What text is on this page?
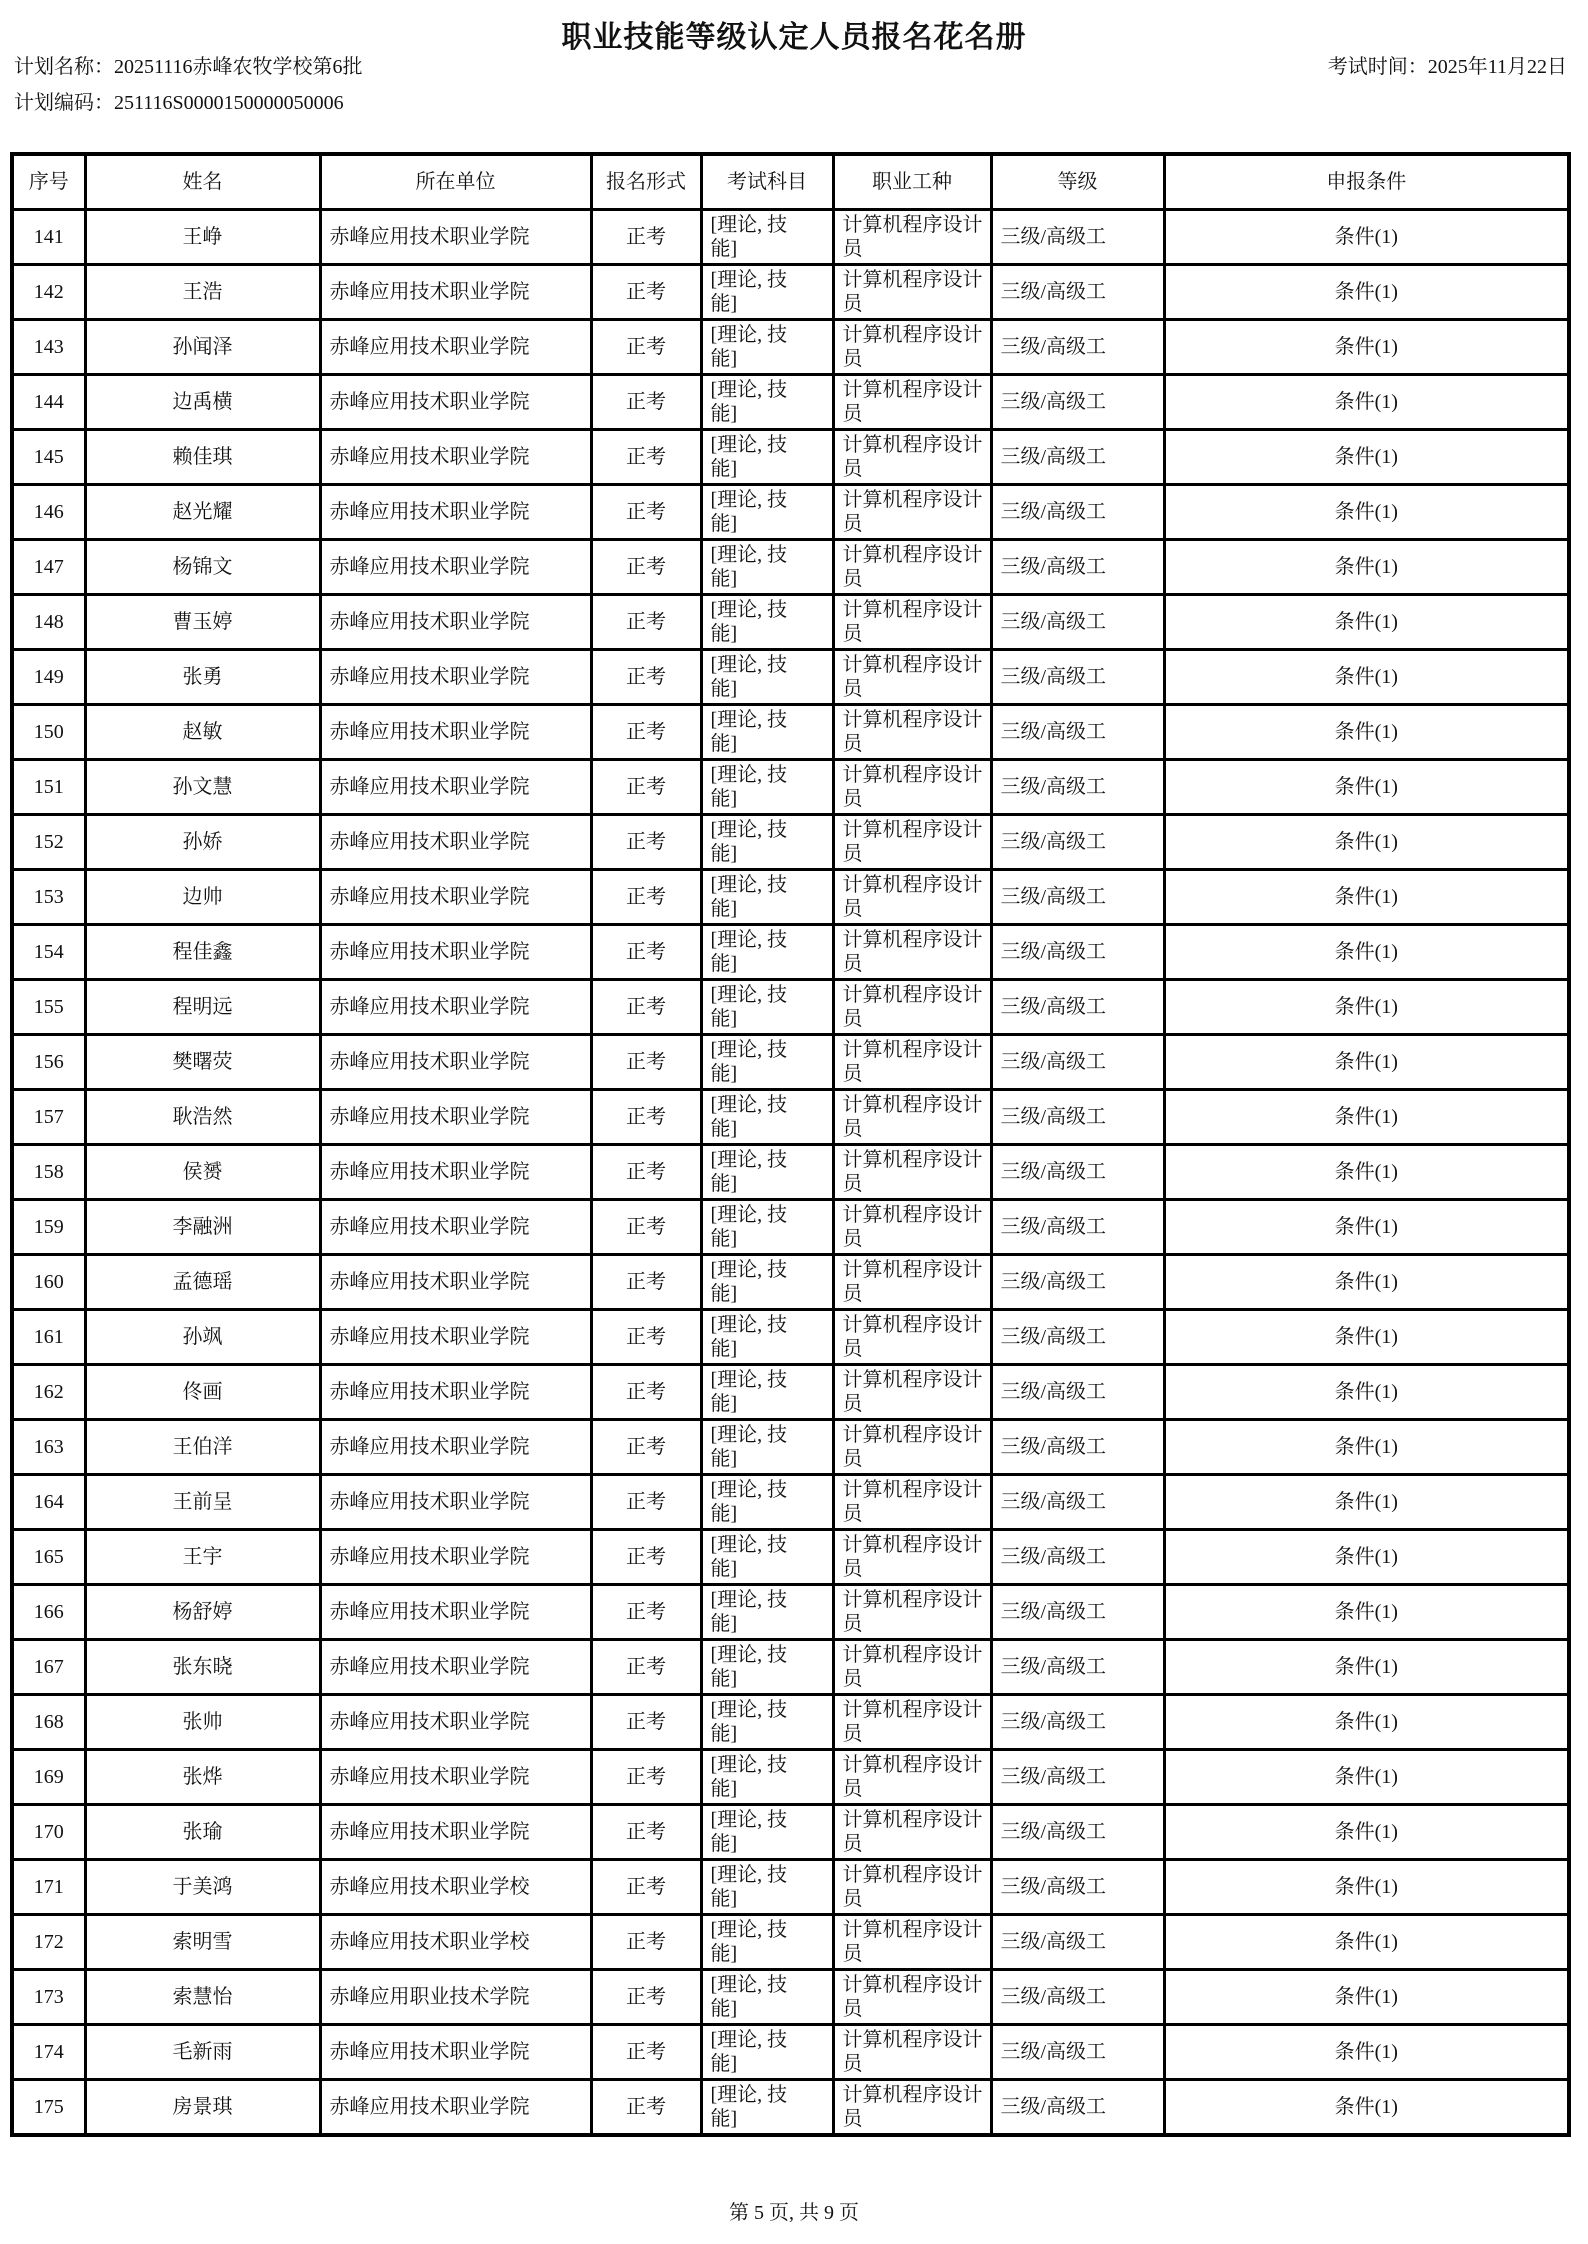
职业技能等级认定人员报名花名册
计划名称：20251116赤峰农牧学校第6批	考试时间：2025年11月22日
计划编码：251116S0000150000050006
序号	姓名	所在单位	报名形式	考试科目	职业工种	等级	申报条件
141	王峥	赤峰应用技术职业学院	正考	[理论, 技能]	计算机程序设计员	三级/高级工	条件(1)
142	王浩	赤峰应用技术职业学院	正考	[理论, 技能]	计算机程序设计员	三级/高级工	条件(1)
143	孙闻泽	赤峰应用技术职业学院	正考	[理论, 技能]	计算机程序设计员	三级/高级工	条件(1)
144	边禹横	赤峰应用技术职业学院	正考	[理论, 技能]	计算机程序设计员	三级/高级工	条件(1)
145	赖佳琪	赤峰应用技术职业学院	正考	[理论, 技能]	计算机程序设计员	三级/高级工	条件(1)
146	赵光耀	赤峰应用技术职业学院	正考	[理论, 技能]	计算机程序设计员	三级/高级工	条件(1)
147	杨锦文	赤峰应用技术职业学院	正考	[理论, 技能]	计算机程序设计员	三级/高级工	条件(1)
148	曹玉婷	赤峰应用技术职业学院	正考	[理论, 技能]	计算机程序设计员	三级/高级工	条件(1)
149	张勇	赤峰应用技术职业学院	正考	[理论, 技能]	计算机程序设计员	三级/高级工	条件(1)
150	赵敏	赤峰应用技术职业学院	正考	[理论, 技能]	计算机程序设计员	三级/高级工	条件(1)
151	孙文慧	赤峰应用技术职业学院	正考	[理论, 技能]	计算机程序设计员	三级/高级工	条件(1)
152	孙娇	赤峰应用技术职业学院	正考	[理论, 技能]	计算机程序设计员	三级/高级工	条件(1)
153	边帅	赤峰应用技术职业学院	正考	[理论, 技能]	计算机程序设计员	三级/高级工	条件(1)
154	程佳鑫	赤峰应用技术职业学院	正考	[理论, 技能]	计算机程序设计员	三级/高级工	条件(1)
155	程明远	赤峰应用技术职业学院	正考	[理论, 技能]	计算机程序设计员	三级/高级工	条件(1)
156	樊曙荧	赤峰应用技术职业学院	正考	[理论, 技能]	计算机程序设计员	三级/高级工	条件(1)
157	耿浩然	赤峰应用技术职业学院	正考	[理论, 技能]	计算机程序设计员	三级/高级工	条件(1)
158	侯赟	赤峰应用技术职业学院	正考	[理论, 技能]	计算机程序设计员	三级/高级工	条件(1)
159	李融洲	赤峰应用技术职业学院	正考	[理论, 技能]	计算机程序设计员	三级/高级工	条件(1)
160	孟德瑶	赤峰应用技术职业学院	正考	[理论, 技能]	计算机程序设计员	三级/高级工	条件(1)
161	孙飒	赤峰应用技术职业学院	正考	[理论, 技能]	计算机程序设计员	三级/高级工	条件(1)
162	佟画	赤峰应用技术职业学院	正考	[理论, 技能]	计算机程序设计员	三级/高级工	条件(1)
163	王伯洋	赤峰应用技术职业学院	正考	[理论, 技能]	计算机程序设计员	三级/高级工	条件(1)
164	王前呈	赤峰应用技术职业学院	正考	[理论, 技能]	计算机程序设计员	三级/高级工	条件(1)
165	王宇	赤峰应用技术职业学院	正考	[理论, 技能]	计算机程序设计员	三级/高级工	条件(1)
166	杨舒婷	赤峰应用技术职业学院	正考	[理论, 技能]	计算机程序设计员	三级/高级工	条件(1)
167	张东晓	赤峰应用技术职业学院	正考	[理论, 技能]	计算机程序设计员	三级/高级工	条件(1)
168	张帅	赤峰应用技术职业学院	正考	[理论, 技能]	计算机程序设计员	三级/高级工	条件(1)
169	张烨	赤峰应用技术职业学院	正考	[理论, 技能]	计算机程序设计员	三级/高级工	条件(1)
170	张瑜	赤峰应用技术职业学院	正考	[理论, 技能]	计算机程序设计员	三级/高级工	条件(1)
171	于美鸿	赤峰应用技术职业学校	正考	[理论, 技能]	计算机程序设计员	三级/高级工	条件(1)
172	索明雪	赤峰应用技术职业学校	正考	[理论, 技能]	计算机程序设计员	三级/高级工	条件(1)
173	索慧怡	赤峰应用职业技术学院	正考	[理论, 技能]	计算机程序设计员	三级/高级工	条件(1)
174	毛新雨	赤峰应用技术职业学院	正考	[理论, 技能]	计算机程序设计员	三级/高级工	条件(1)
175	房景琪	赤峰应用技术职业学院	正考	[理论, 技能]	计算机程序设计员	三级/高级工	条件(1)
第 5 页, 共 9 页
